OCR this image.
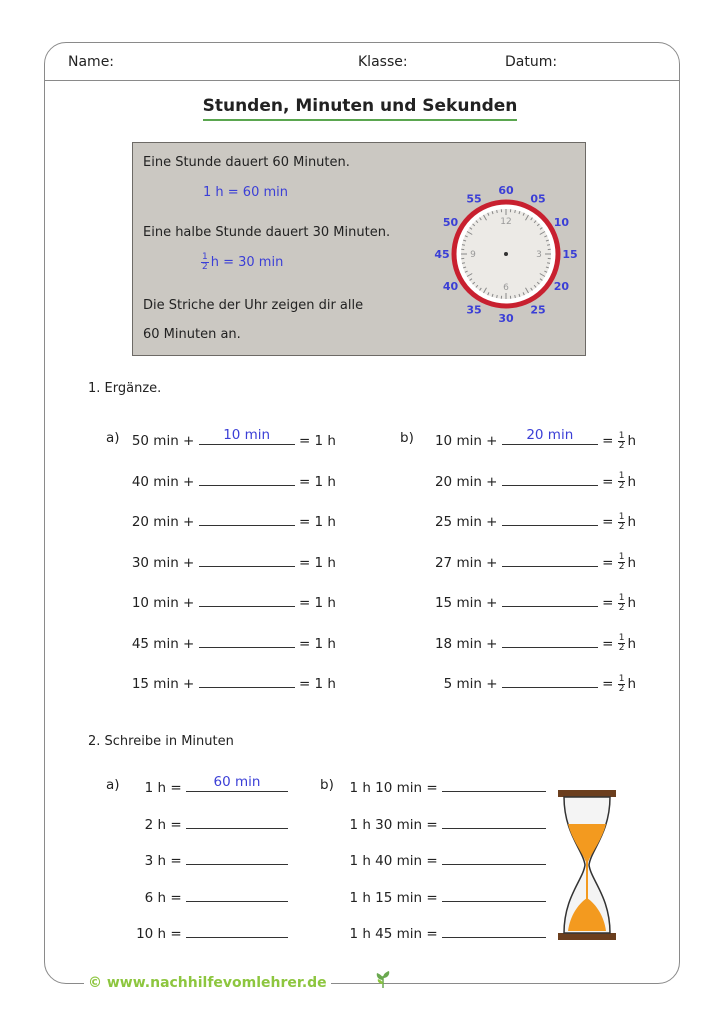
Name:	Klasse:	Datum:
Stunden, Minuten und Sekunden
Eine Stunde dauert 60 Minuten.
1 h = 60 min
Eine halbe Stunde dauert 30 Minuten.
$\frac{1}{2}$ h = 30 min
Die Striche der Uhr zeigen dir alle
60 Minuten an.
12
3
6
9
60
05
10
15
20
25
30
35
40
45
50
55
1. Ergänze.
a)	b)
50 min +	10 min	= 1 h
40 min +	= 1 h
20 min +	= 1 h
30 min +	= 1 h
10 min +	= 1 h
45 min +	= 1 h
15 min +	= 1 h
10 min +	20 min	= $\frac{1}{2}$ h
20 min +	= $\frac{1}{2}$ h
25 min +	= $\frac{1}{2}$ h
27 min +	= $\frac{1}{2}$ h
15 min +	= $\frac{1}{2}$ h
18 min +	= $\frac{1}{2}$ h
5 min +	= $\frac{1}{2}$ h
2. Schreibe in Minuten
a)	b)
1 h =	60 min
2 h =
3 h =
6 h =
10 h =
1 h 10 min =
1 h 30 min =
1 h 40 min =
1 h 15 min =
1 h 45 min =
© www.nachhilfevomlehrer.de
